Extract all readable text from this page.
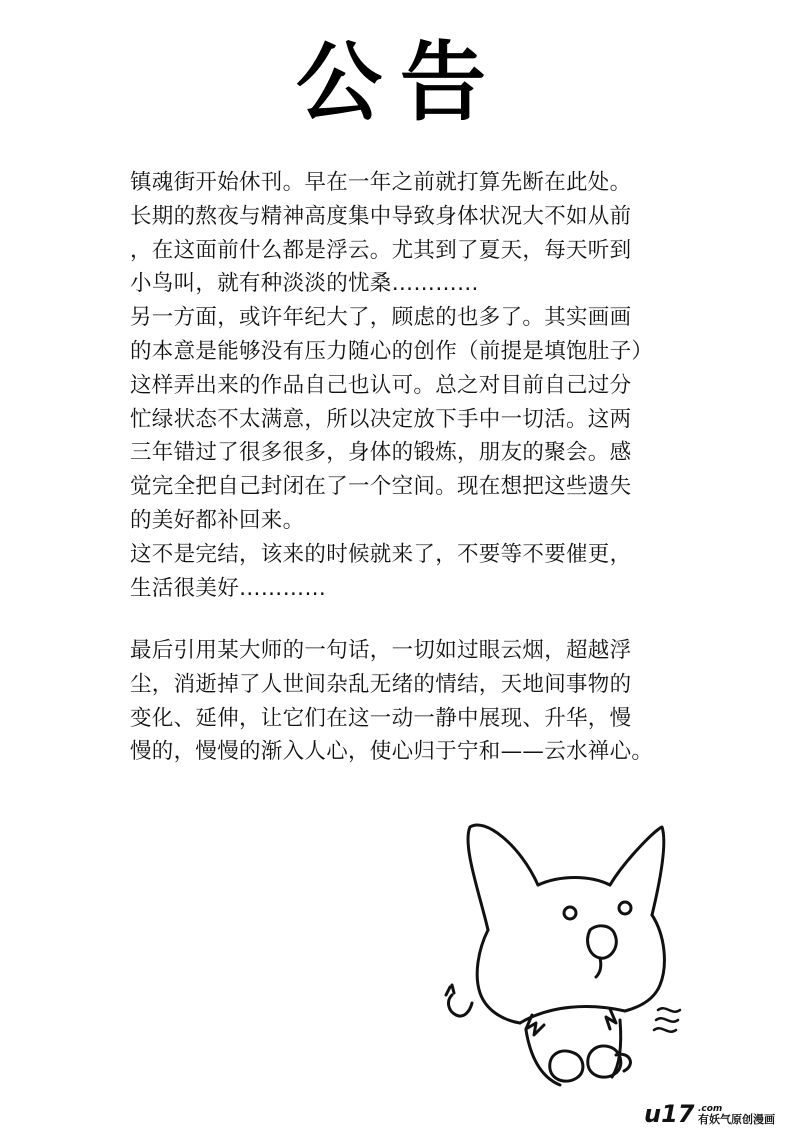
公告
镇魂街开始休刊。早在一年之前就打算先断在此处。
长期的熬夜与精神高度集中导致身体状况大不如从前
，在这面前什么都是浮云。尤其到了夏天，每天听到
小鸟叫，就有种淡淡的忧桑…………
另一方面，或许年纪大了，顾虑的也多了。其实画画
的本意是能够没有压力随心的创作（前提是填饱肚子）
这样弄出来的作品自己也认可。总之对目前自己过分
忙绿状态不太满意，所以决定放下手中一切活。这两
三年错过了很多很多，身体的锻炼，朋友的聚会。感
觉完全把自己封闭在了一个空间。现在想把这些遗失
的美好都补回来。
这不是完结，该来的时候就来了，不要等不要催更，
生活很美好…………
最后引用某大师的一句话，一切如过眼云烟，超越浮
尘，消逝掉了人世间杂乱无绪的情结，天地间事物的
变化、延伸，让它们在这一动一静中展现、升华，慢
慢的，慢慢的渐入人心，使心归于宁和——云水禅心。
u17 .com
有妖气原创漫画
